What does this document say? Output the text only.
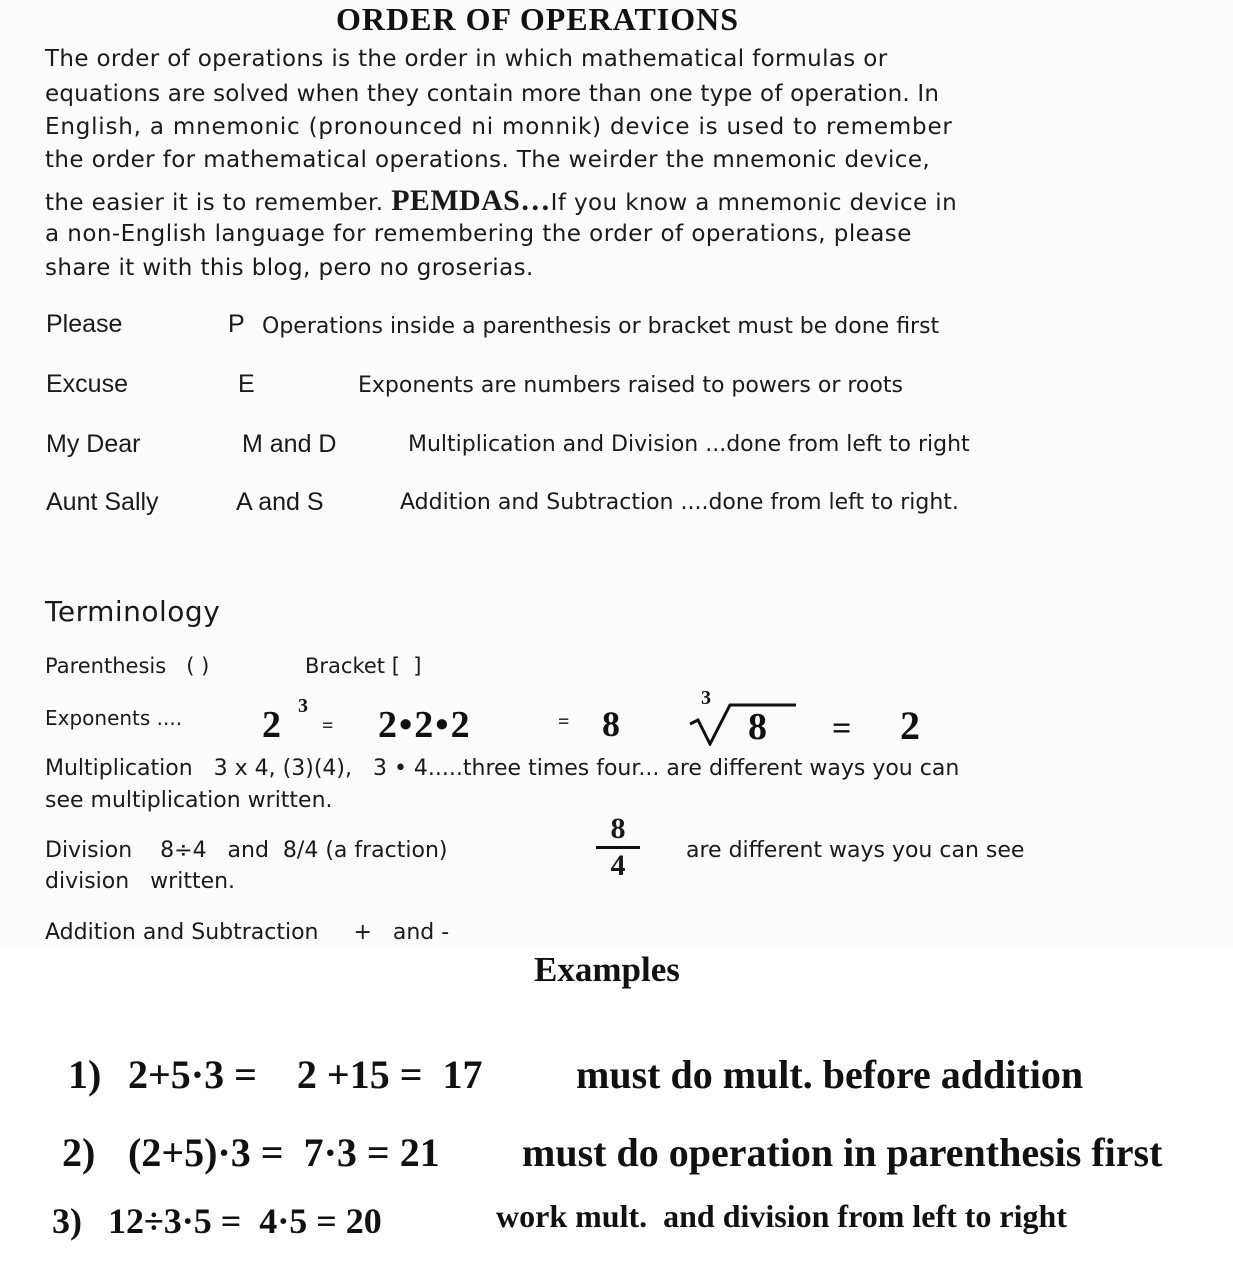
ORDER OF OPERATIONS
The order of operations is the order in which mathematical formulas or
equations are solved when they contain more than one type of operation. In
English, a mnemonic (pronounced ni monnik) device is used to remember
the order for mathematical operations. The weirder the mnemonic device,
the easier it is to remember. PEMDAS…If you know a mnemonic device in
a non-English language for remembering the order of operations, please
share it with this blog, pero no groserias.
Please	P Operations inside a parenthesis or bracket must be done first
Excuse	E	Exponents are numbers raised to powers or roots
My Dear	M and D	Multiplication and Division ...done from left to right
Aunt Sally	A and S	Addition and Subtraction ....done from left to right.
Terminology
Parenthesis   ( )	Bracket [  ]
Exponents .... 2 3
= 2•2•2	= 8
3
8 = 2
Multiplication   3 x 4, (3)(4),   3 • 4.....three times four... are different ways you can
see multiplication written.
Division    8÷4   and  8/4 (a fraction)
8
4	are different ways you can see
division   written.
Addition and Subtraction     +   and -
Examples
1) 2+5·3 =    2 +15 =  17 must do mult. before addition
2) (2+5)·3 =  7·3 = 21 must do operation in parenthesis first
3) 12÷3·5 =  4·5 = 20	work mult.  and division from left to right
